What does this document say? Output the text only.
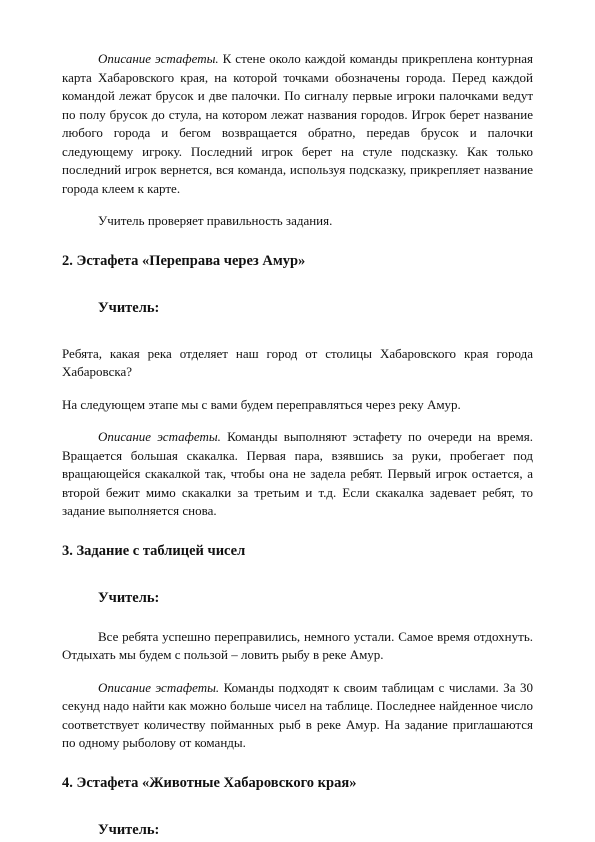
Описание эстафеты. К стене около каждой команды прикреплена контурная карта Хабаровского края, на которой точками обозначены города. Перед каждой командой лежат брусок и две палочки. По сигналу первые игроки палочками ведут по полу брусок до стула, на котором лежат названия городов. Игрок берет название любого города и бегом возвращается обратно, передав брусок и палочки следующему игроку. Последний игрок берет на стуле подсказку. Как только последний игрок вернется, вся команда, используя подсказку, прикрепляет название города клеем к карте.

Учитель проверяет правильность задания.

2. Эстафета «Переправа через Амур»

Учитель:

Ребята, какая река отделяет наш город от столицы Хабаровского края города Хабаровска?

На следующем этапе мы с вами будем переправляться через реку Амур.

Описание эстафеты. Команды выполняют эстафету по очереди на время. Вращается большая скакалка. Первая пара, взявшись за руки, пробегает под вращающейся скакалкой так, чтобы она не задела ребят. Первый игрок остается, а второй бежит мимо скакалки за третьим и т.д. Если скакалка задевает ребят, то задание выполняется снова.

3. Задание с таблицей чисел

Учитель:

Все ребята успешно переправились, немного устали. Самое время отдохнуть. Отдыхать мы будем с пользой – ловить рыбу в реке Амур.

Описание эстафеты. Команды подходят к своим таблицам с числами. За 30 секунд надо найти как можно больше чисел на таблице. Последнее найденное число соответствует количеству пойманных рыб в реке Амур. На задание приглашаются по одному рыболову от команды.

4. Эстафета «Животные Хабаровского края»

Учитель:
